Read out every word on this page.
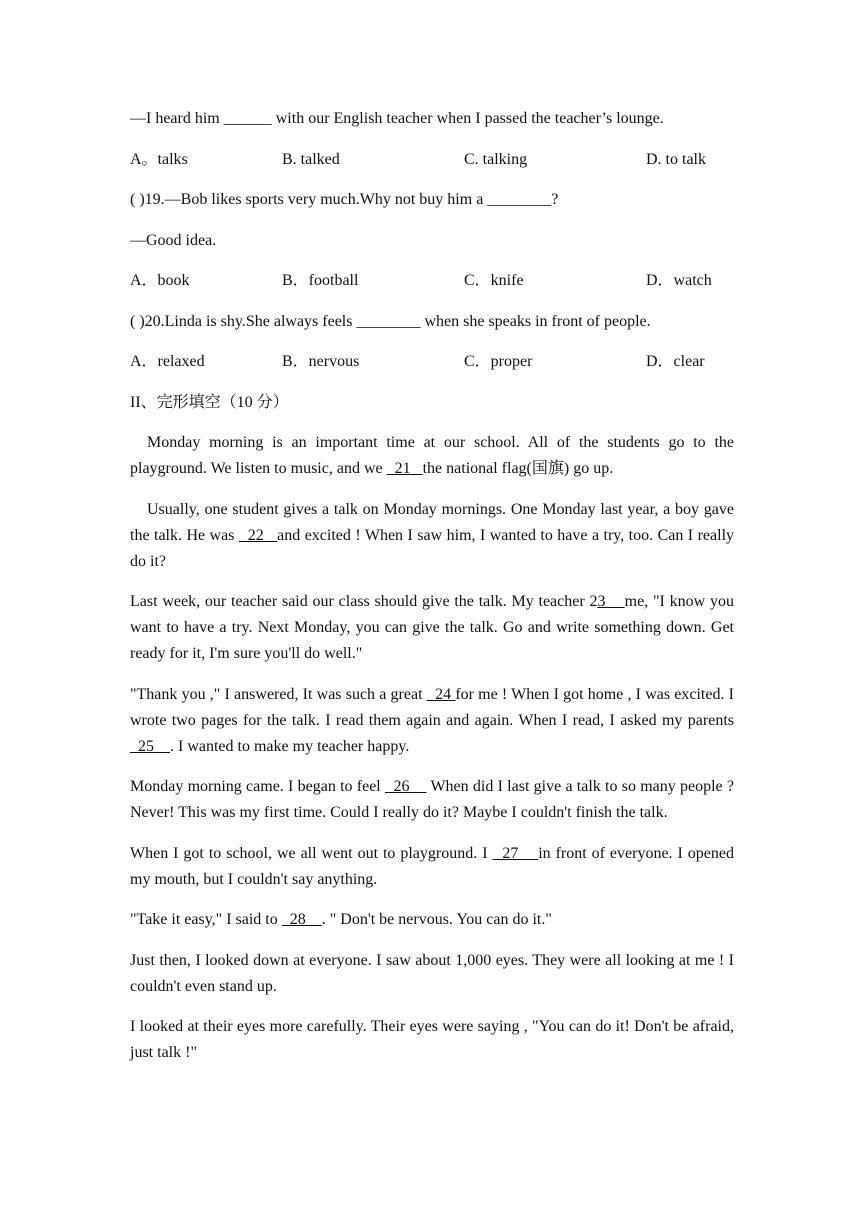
—I heard him ______ with our English teacher when I passed the teacher’s lounge.

A。talks	B. talked	C. talking	D. to talk

( )19.—Bob likes sports very much.Why not buy him a ________?

—Good idea.

A．book	B．football	C．knife	D．watch

( )20.Linda is shy.She always feels ________ when she speaks in front of people.

A．relaxed	B．nervous	C．proper	D．clear

II、完形填空（10 分）

Monday morning is an important time at our school. All of the students go to the playground. We listen to music, and we   21   the national flag(国旗) go up.

Usually, one student gives a talk on Monday mornings. One Monday last year, a boy gave the talk. He was   22   and excited ! When I saw him, I wanted to have a try, too. Can I really do it?

Last week, our teacher said our class should give the talk. My teacher 23    me, "I know you want to have a try. Next Monday, you can give the talk. Go and write something down. Get ready for it, I'm sure you'll do well."

"Thank you ," I answered, It was such a great   24 for me ! When I got home , I was excited. I wrote two pages for the talk. I read them again and again. When I read, I asked my parents   25    . I wanted to make my teacher happy.

Monday morning came. I began to feel   26     When did I last give a talk to so many people ? Never! This was my first time. Could I really do it? Maybe I couldn't finish the talk.

When I got to school, we all went out to playground. I   27    in front of everyone. I opened my mouth, but I couldn't say anything.

"Take it easy," I said to   28    . " Don't be nervous. You can do it."

Just then, I looked down at everyone. I saw about 1,000 eyes. They were all looking at me ! I couldn't even stand up.

I looked at their eyes more carefully. Their eyes were saying , "You can do it! Don't be afraid, just talk !"
